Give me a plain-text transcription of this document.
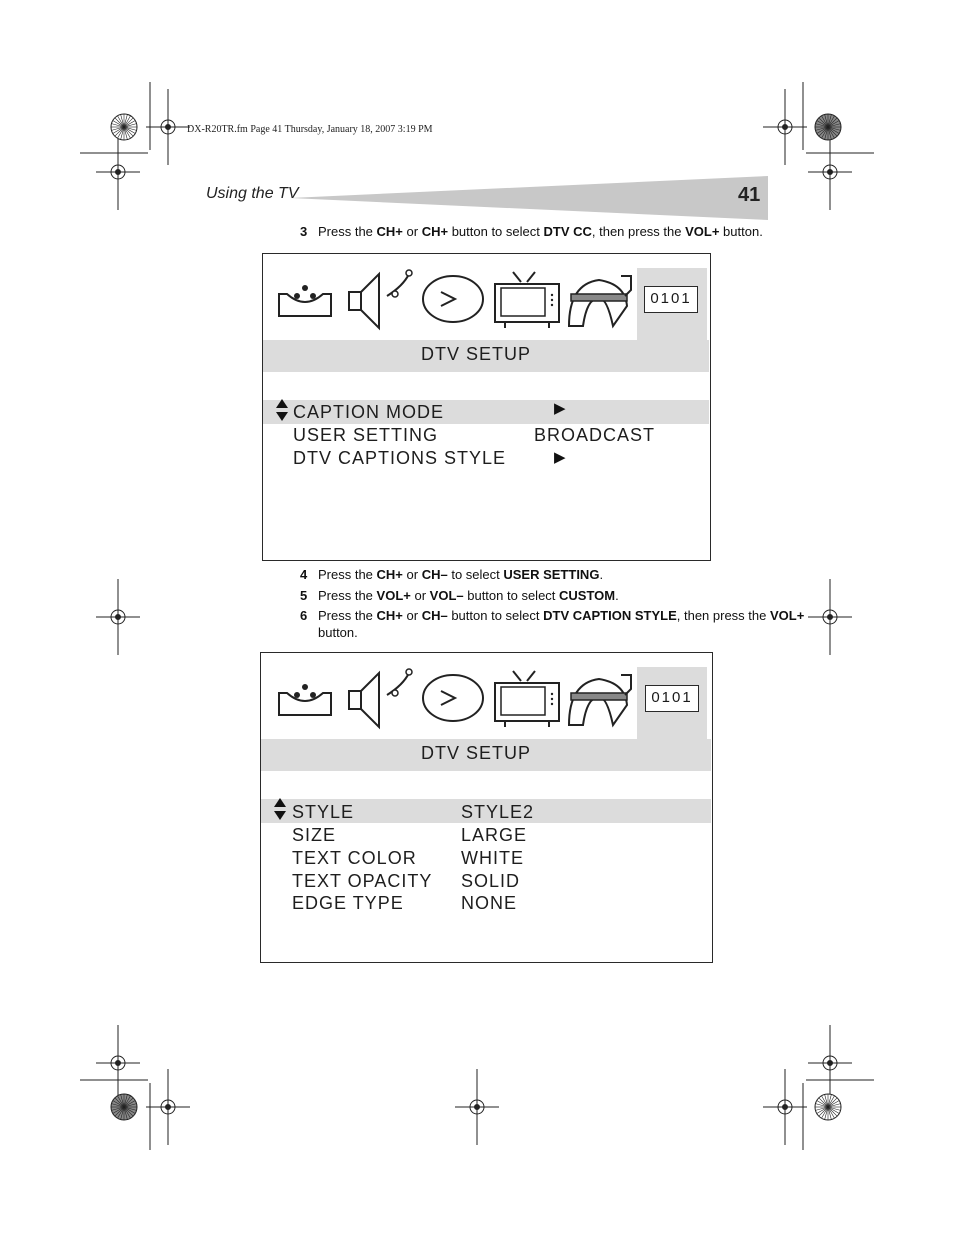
DX-R20TR.fm Page 41 Thursday, January 18, 2007 3:19 PM
Using the TV	41
3 Press the CH+ or CH+ button to select DTV CC, then press the VOL+ button.
0101
DTV SETUP
CAPTION MODE	▶
USER SETTING	BROADCAST
DTV CAPTIONS STYLE	▶
4 Press the CH+ or CH– to select USER SETTING.
5 Press the VOL+ or VOL– button to select CUSTOM.
6 Press the CH+ or CH– button to select DTV CAPTION STYLE, then press the VOL+
button.
0101
DTV SETUP
STYLE	STYLE2
SIZE	LARGE
TEXT COLOR WHITE
TEXT OPACITY SOLID
EDGE TYPE	NONE
